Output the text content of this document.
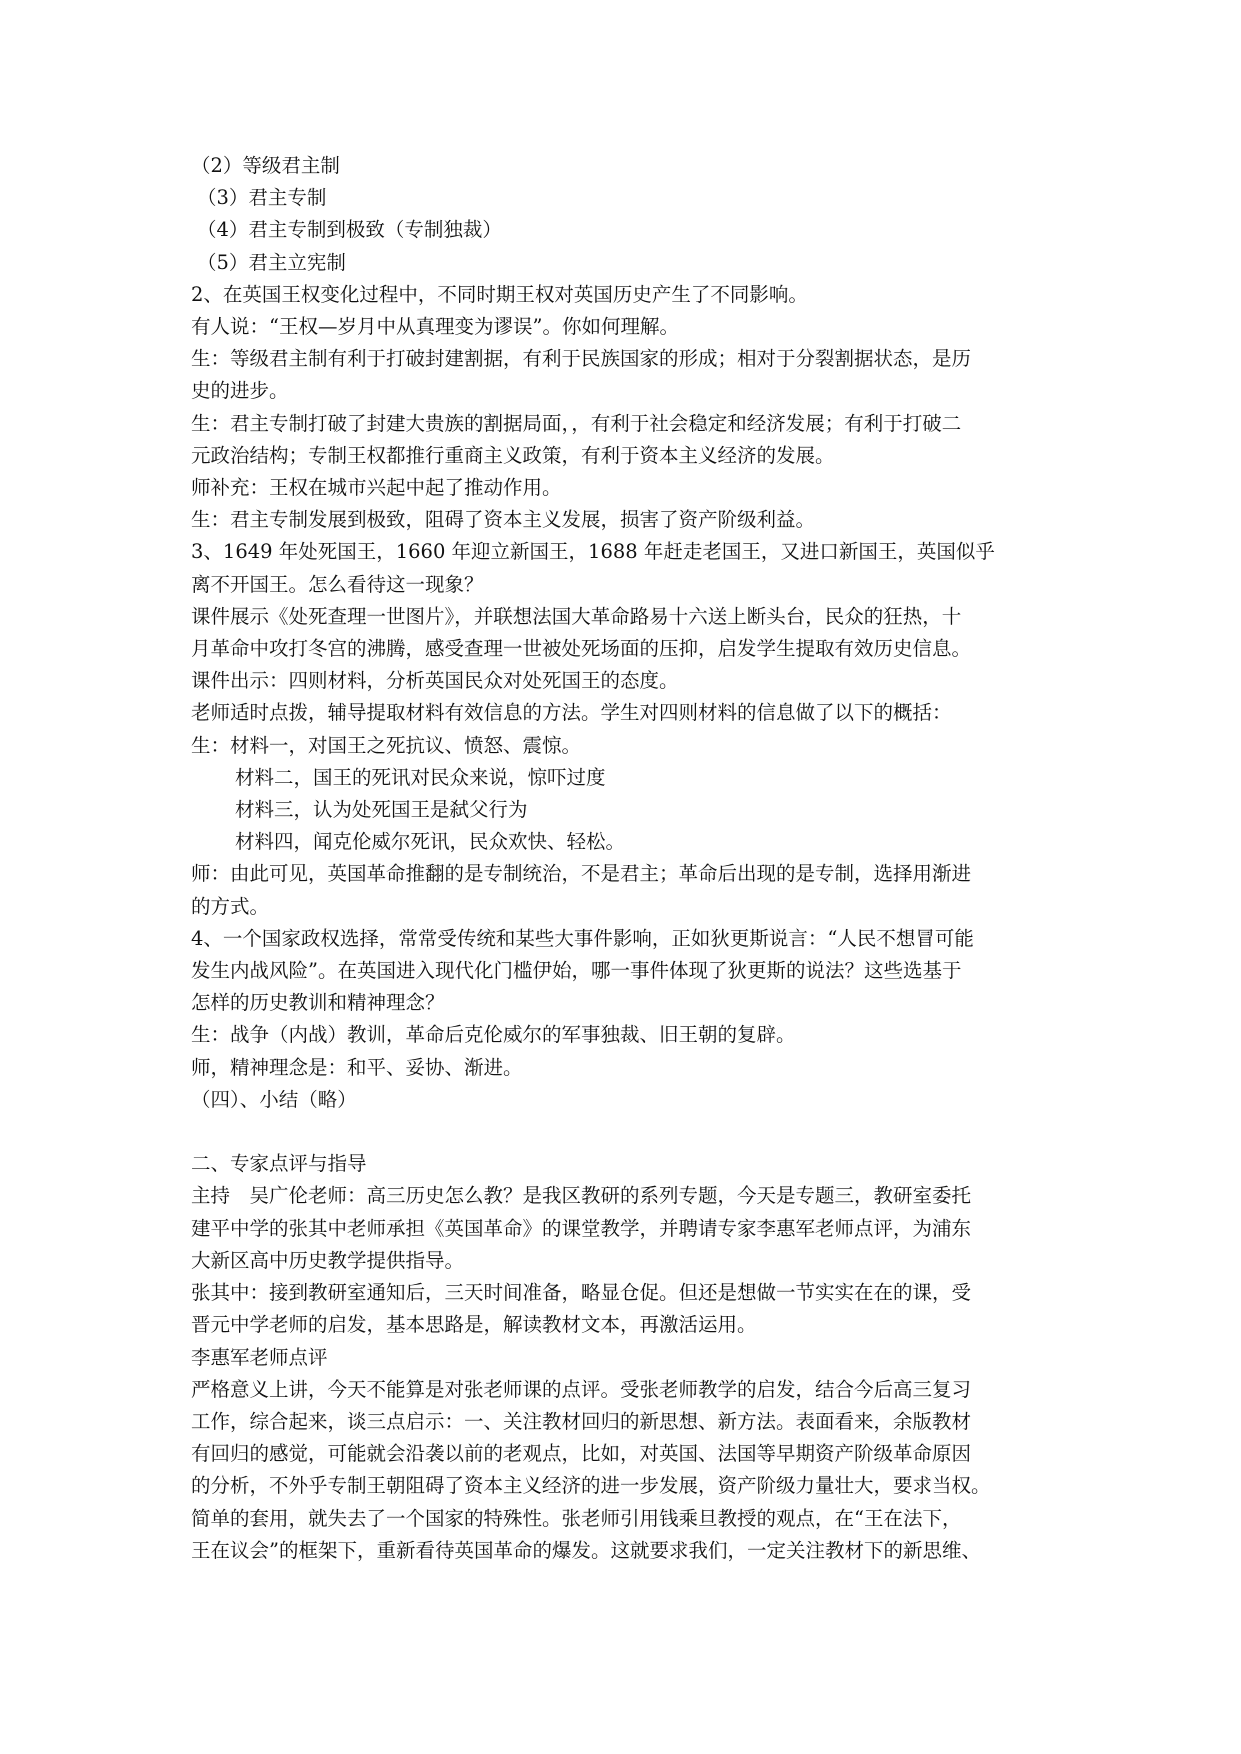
（2）等级君主制
（3）君主专制
（4）君主专制到极致（专制独裁）
（5）君主立宪制
2、在英国王权变化过程中，不同时期王权对英国历史产生了不同影响。
有人说：“王权—岁月中从真理变为谬误”。你如何理解。
生：等级君主制有利于打破封建割据，有利于民族国家的形成；相对于分裂割据状态，是历
史的进步。
生：君主专制打破了封建大贵族的割据局面，，有利于社会稳定和经济发展；有利于打破二
元政治结构；专制王权都推行重商主义政策，有利于资本主义经济的发展。
师补充：王权在城市兴起中起了推动作用。
生：君主专制发展到极致，阻碍了资本主义发展，损害了资产阶级利益。
3、1649 年处死国王，1660 年迎立新国王，1688 年赶走老国王，又进口新国王，英国似乎
离不开国王。怎么看待这一现象？
课件展示《处死查理一世图片》，并联想法国大革命路易十六送上断头台，民众的狂热，十
月革命中攻打冬宫的沸腾，感受查理一世被处死场面的压抑，启发学生提取有效历史信息。
课件出示：四则材料，分析英国民众对处死国王的态度。
老师适时点拨，辅导提取材料有效信息的方法。学生对四则材料的信息做了以下的概括：
生：材料一，对国王之死抗议、愤怒、震惊。
材料二，国王的死讯对民众来说，惊吓过度
材料三，认为处死国王是弑父行为
材料四，闻克伦威尔死讯，民众欢快、轻松。
师：由此可见，英国革命推翻的是专制统治，不是君主；革命后出现的是专制，选择用渐进
的方式。
4、一个国家政权选择，常常受传统和某些大事件影响，正如狄更斯说言：“人民不想冒可能
发生内战风险”。在英国进入现代化门槛伊始，哪一事件体现了狄更斯的说法？这些选基于
怎样的历史教训和精神理念？
生：战争（内战）教训，革命后克伦威尔的军事独裁、旧王朝的复辟。
师，精神理念是：和平、妥协、渐进。
（四）、小结（略）
二、专家点评与指导
主持　吴广伦老师：高三历史怎么教？是我区教研的系列专题，今天是专题三，教研室委托
建平中学的张其中老师承担《英国革命》的课堂教学，并聘请专家李惠军老师点评，为浦东
大新区高中历史教学提供指导。
张其中：接到教研室通知后，三天时间准备，略显仓促。但还是想做一节实实在在的课，受
晋元中学老师的启发，基本思路是，解读教材文本，再激活运用。
李惠军老师点评
严格意义上讲，今天不能算是对张老师课的点评。受张老师教学的启发，结合今后高三复习
工作，综合起来，谈三点启示：一、关注教材回归的新思想、新方法。表面看来，余版教材
有回归的感觉，可能就会沿袭以前的老观点，比如，对英国、法国等早期资产阶级革命原因
的分析，不外乎专制王朝阻碍了资本主义经济的进一步发展，资产阶级力量壮大，要求当权。
简单的套用，就失去了一个国家的特殊性。张老师引用钱乘旦教授的观点，在“王在法下，
王在议会”的框架下，重新看待英国革命的爆发。这就要求我们，一定关注教材下的新思维、
